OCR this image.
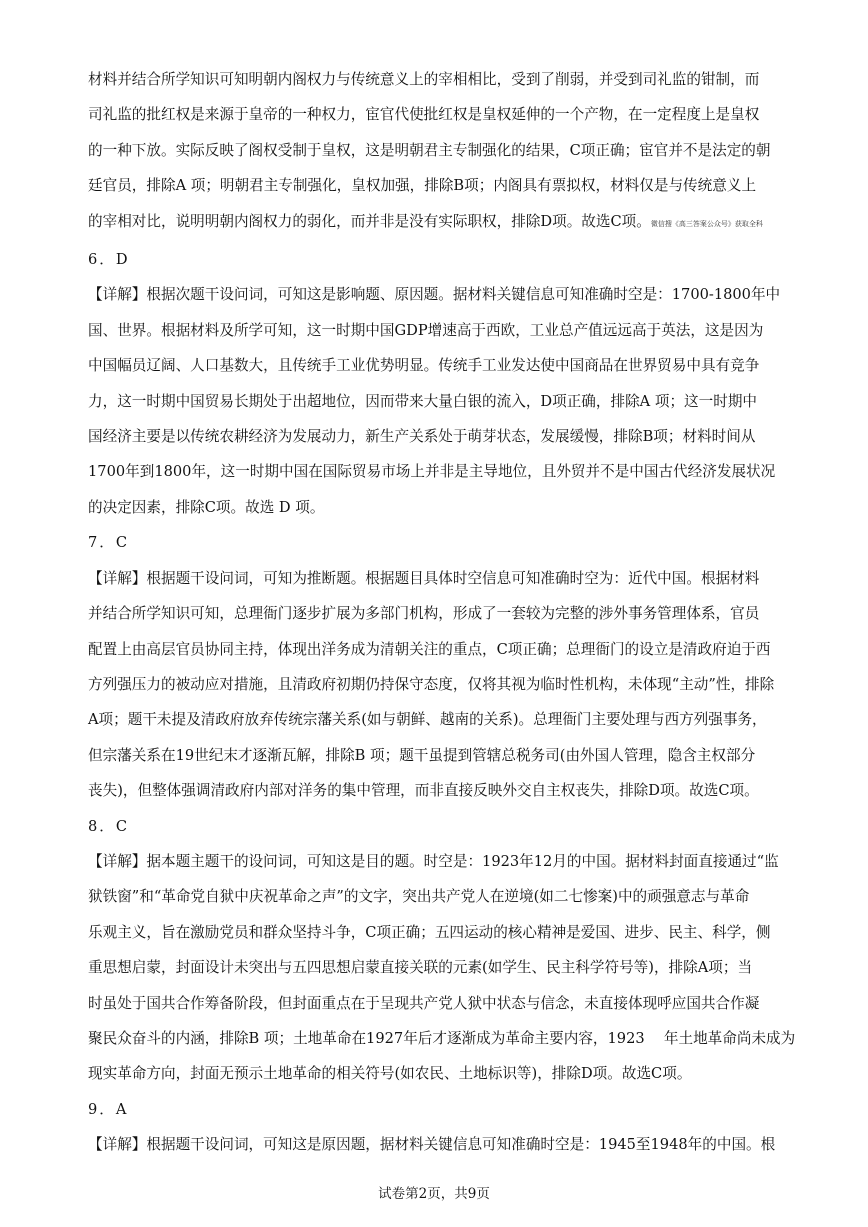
材料并结合所学知识可知明朝内阁权力与传统意义上的宰相相比，受到了削弱，并受到司礼监的钳制，而

司礼监的批红权是来源于皇帝的一种权力，宦官代使批红权是皇权延伸的一个产物，在一定程度上是皇权

的一种下放。实际反映了阁权受制于皇权，这是明朝君主专制强化的结果，C项正确；宦官并不是法定的朝

廷官员，排除A 项；明朝君主专制强化，皇权加强，排除B项；内阁具有票拟权，材料仅是与传统意义上

的宰相对比，说明明朝内阁权力的弱化，而并非是没有实际职权，排除D项。故选C项。微信搜《高三答案公众号》获取全科

6．D

【详解】根据次题干设问词，可知这是影响题、原因题。据材料关键信息可知准确时空是：1700-1800年中

国、世界。根据材料及所学可知，这一时期中国GDP增速高于西欧，工业总产值远远高于英法，这是因为

中国幅员辽阔、人口基数大，且传统手工业优势明显。传统手工业发达使中国商品在世界贸易中具有竞争

力，这一时期中国贸易长期处于出超地位，因而带来大量白银的流入，D项正确，排除A 项；这一时期中

国经济主要是以传统农耕经济为发展动力，新生产关系处于萌芽状态，发展缓慢，排除B项；材料时间从

1700年到1800年，这一时期中国在国际贸易市场上并非是主导地位，且外贸并不是中国古代经济发展状况

的决定因素，排除C项。故选 D 项。

7．C

【详解】根据题干设问词，可知为推断题。根据题目具体时空信息可知准确时空为：近代中国。根据材料

并结合所学知识可知，总理衙门逐步扩展为多部门机构，形成了一套较为完整的涉外事务管理体系，官员

配置上由高层官员协同主持，体现出洋务成为清朝关注的重点，C项正确；总理衙门的设立是清政府迫于西

方列强压力的被动应对措施，且清政府初期仍持保守态度，仅将其视为临时性机构，未体现“主动”性，排除

A项；题干未提及清政府放弃传统宗藩关系(如与朝鲜、越南的关系)。总理衙门主要处理与西方列强事务，

但宗藩关系在19世纪末才逐渐瓦解，排除B 项；题干虽提到管辖总税务司(由外国人管理，隐含主权部分

丧失)，但整体强调清政府内部对洋务的集中管理，而非直接反映外交自主权丧失，排除D项。故选C项。

8．C

【详解】据本题主题干的设问词，可知这是目的题。时空是：1923年12月的中国。据材料封面直接通过“监

狱铁窗”和“革命党自狱中庆祝革命之声”的文字，突出共产党人在逆境(如二七惨案)中的顽强意志与革命

乐观主义，旨在激励党员和群众坚持斗争，C项正确；五四运动的核心精神是爱国、进步、民主、科学，侧

重思想启蒙，封面设计未突出与五四思想启蒙直接关联的元素(如学生、民主科学符号等)，排除A项；当

时虽处于国共合作筹备阶段，但封面重点在于呈现共产党人狱中状态与信念，未直接体现呼应国共合作凝

聚民众奋斗的内涵，排除B 项；土地革命在1927年后才逐渐成为革命主要内容，1923　 年土地革命尚未成为

现实革命方向，封面无预示土地革命的相关符号(如农民、土地标识等)，排除D项。故选C项。

9．A

【详解】根据题干设问词，可知这是原因题，据材料关键信息可知准确时空是：1945至1948年的中国。根

试卷第2页，共9页
